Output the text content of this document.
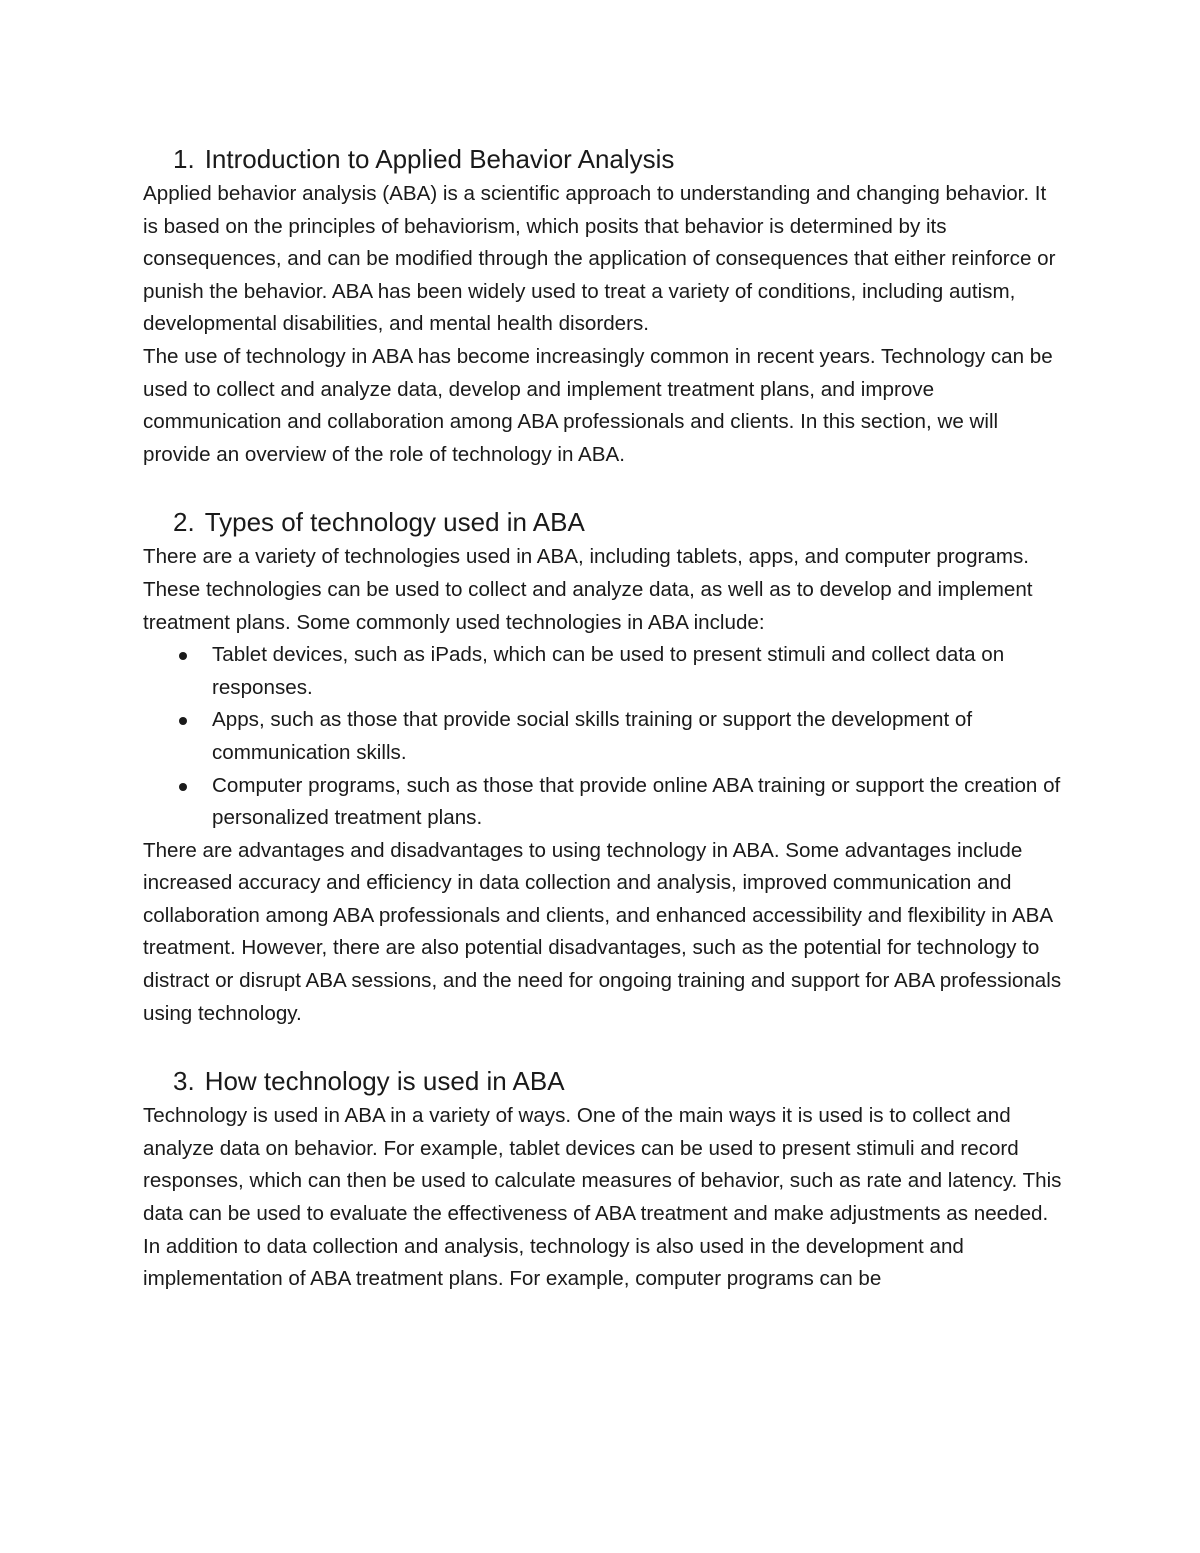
1. Introduction to Applied Behavior Analysis

Applied behavior analysis (ABA) is a scientific approach to understanding and changing behavior. It is based on the principles of behaviorism, which posits that behavior is determined by its consequences, and can be modified through the application of consequences that either reinforce or punish the behavior. ABA has been widely used to treat a variety of conditions, including autism, developmental disabilities, and mental health disorders.

The use of technology in ABA has become increasingly common in recent years. Technology can be used to collect and analyze data, develop and implement treatment plans, and improve communication and collaboration among ABA professionals and clients. In this section, we will provide an overview of the role of technology in ABA.

2. Types of technology used in ABA

There are a variety of technologies used in ABA, including tablets, apps, and computer programs. These technologies can be used to collect and analyze data, as well as to develop and implement treatment plans. Some commonly used technologies in ABA include:

Tablet devices, such as iPads, which can be used to present stimuli and collect data on responses.
Apps, such as those that provide social skills training or support the development of communication skills.
Computer programs, such as those that provide online ABA training or support the creation of personalized treatment plans.

There are advantages and disadvantages to using technology in ABA. Some advantages include increased accuracy and efficiency in data collection and analysis, improved communication and collaboration among ABA professionals and clients, and enhanced accessibility and flexibility in ABA treatment. However, there are also potential disadvantages, such as the potential for technology to distract or disrupt ABA sessions, and the need for ongoing training and support for ABA professionals using technology.

3. How technology is used in ABA

Technology is used in ABA in a variety of ways. One of the main ways it is used is to collect and analyze data on behavior. For example, tablet devices can be used to present stimuli and record responses, which can then be used to calculate measures of behavior, such as rate and latency. This data can be used to evaluate the effectiveness of ABA treatment and make adjustments as needed.

In addition to data collection and analysis, technology is also used in the development and implementation of ABA treatment plans. For example, computer programs can be
